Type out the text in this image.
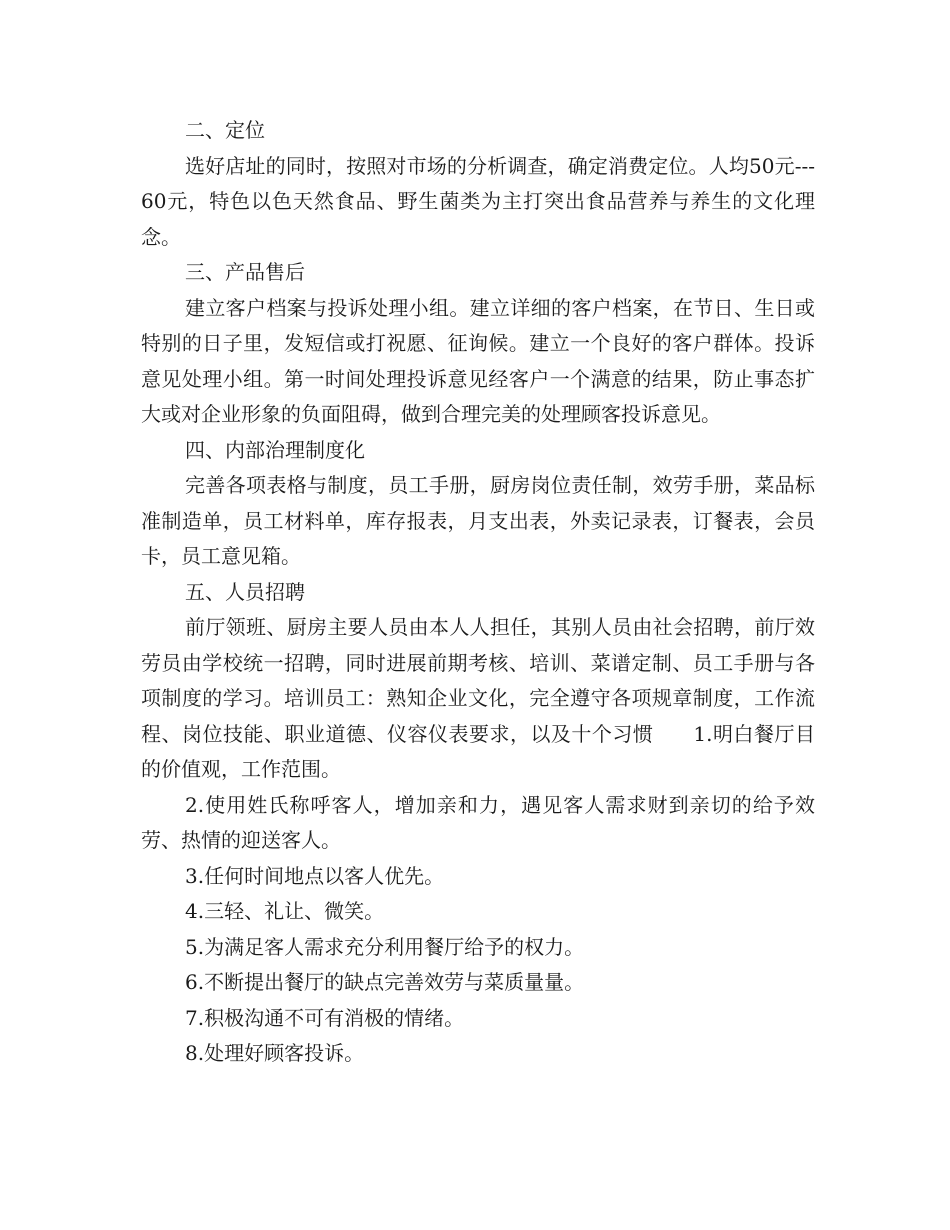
二、定位

选好店址的同时，按照对市场的分析调查，确定消费定位。人均50元---60元，特色以色天然食品、野生菌类为主打突出食品营养与养生的文化理念。

三、产品售后

建立客户档案与投诉处理小组。建立详细的客户档案，在节日、生日或特别的日子里，发短信或打祝愿、征询候。建立一个良好的客户群体。投诉意见处理小组。第一时间处理投诉意见经客户一个满意的结果，防止事态扩大或对企业形象的负面阻碍，做到合理完美的处理顾客投诉意见。

四、内部治理制度化

完善各项表格与制度，员工手册，厨房岗位责任制，效劳手册，菜品标准制造单，员工材料单，库存报表，月支出表，外卖记录表，订餐表，会员卡，员工意见箱。

五、人员招聘

前厅领班、厨房主要人员由本人人担任，其别人员由社会招聘，前厅效劳员由学校统一招聘，同时进展前期考核、培训、菜谱定制、员工手册与各项制度的学习。培训员工：熟知企业文化，完全遵守各项规章制度，工作流程、岗位技能、职业道德、仪容仪表要求，以及十个习惯 1.明白餐厅目的价值观，工作范围。

2.使用姓氏称呼客人，增加亲和力，遇见客人需求财到亲切的给予效劳、热情的迎送客人。

3.任何时间地点以客人优先。

4.三轻、礼让、微笑。

5.为满足客人需求充分利用餐厅给予的权力。

6.不断提出餐厅的缺点完善效劳与菜质量量。

7.积极沟通不可有消极的情绪。

8.处理好顾客投诉。
